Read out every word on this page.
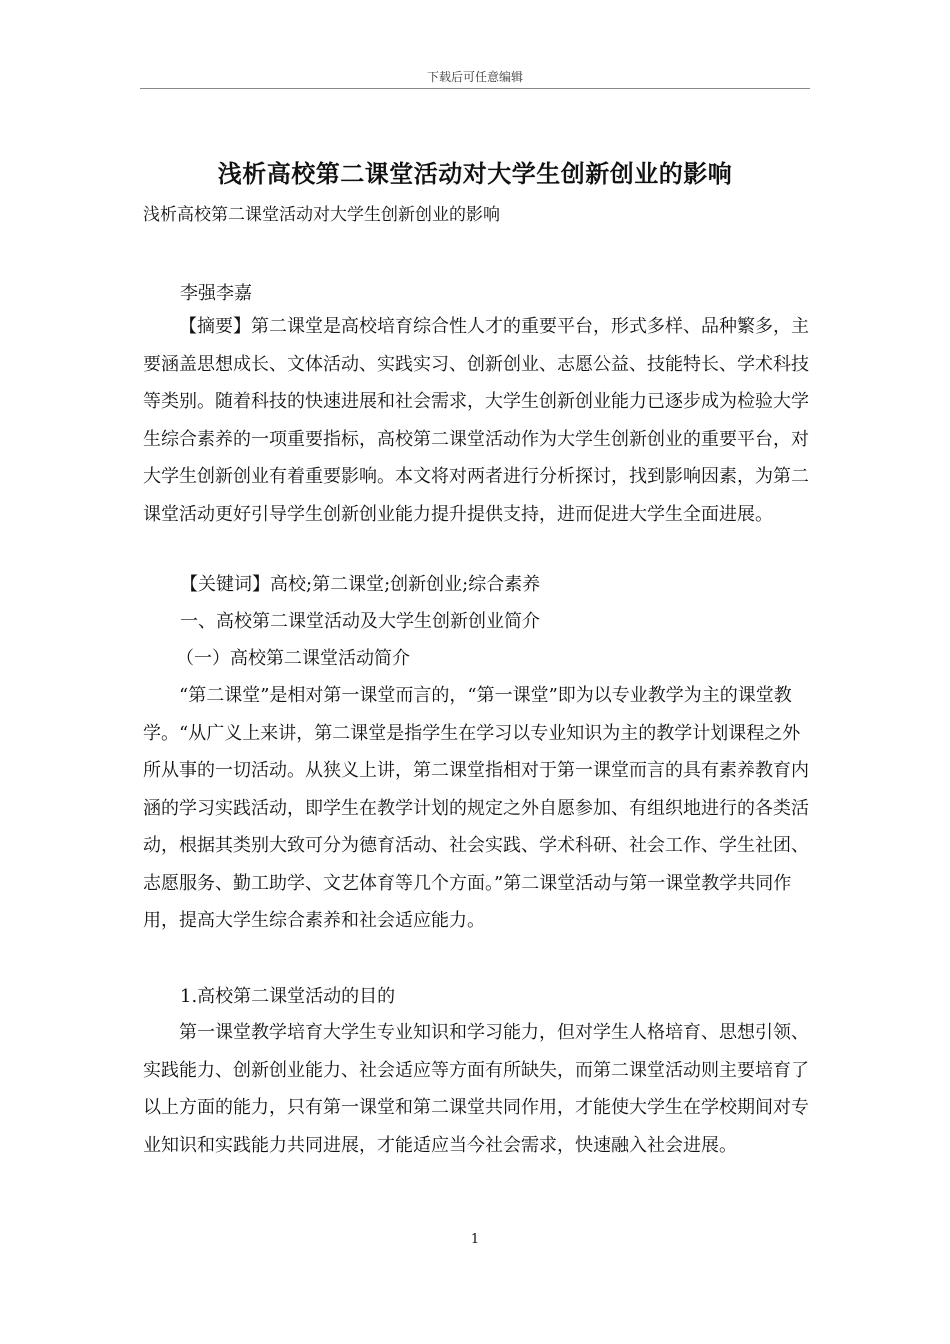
下载后可任意编辑
浅析高校第二课堂活动对大学生创新创业的影响
浅析高校第二课堂活动对大学生创新创业的影响
李强李嘉
【摘要】第二课堂是高校培育综合性人才的重要平台，形式多样、品种繁多，主要涵盖思想成长、文体活动、实践实习、创新创业、志愿公益、技能特长、学术科技等类别。随着科技的快速进展和社会需求，大学生创新创业能力已逐步成为检验大学生综合素养的一项重要指标，高校第二课堂活动作为大学生创新创业的重要平台，对大学生创新创业有着重要影响。本文将对两者进行分析探讨，找到影响因素，为第二课堂活动更好引导学生创新创业能力提升提供支持，进而促进大学生全面进展。
【关键词】高校;第二课堂;创新创业;综合素养
一、高校第二课堂活动及大学生创新创业简介
（一）高校第二课堂活动简介
“第二课堂”是相对第一课堂而言的，“第一课堂”即为以专业教学为主的课堂教学。“从广义上来讲，第二课堂是指学生在学习以专业知识为主的教学计划课程之外所从事的一切活动。从狭义上讲，第二课堂指相对于第一课堂而言的具有素养教育内涵的学习实践活动，即学生在教学计划的规定之外自愿参加、有组织地进行的各类活动，根据其类别大致可分为德育活动、社会实践、学术科研、社会工作、学生社团、志愿服务、勤工助学、文艺体育等几个方面。”第二课堂活动与第一课堂教学共同作用，提高大学生综合素养和社会适应能力。
1.高校第二课堂活动的目的
第一课堂教学培育大学生专业知识和学习能力，但对学生人格培育、思想引领、实践能力、创新创业能力、社会适应等方面有所缺失，而第二课堂活动则主要培育了以上方面的能力，只有第一课堂和第二课堂共同作用，才能使大学生在学校期间对专业知识和实践能力共同进展，才能适应当今社会需求，快速融入社会进展。
1
